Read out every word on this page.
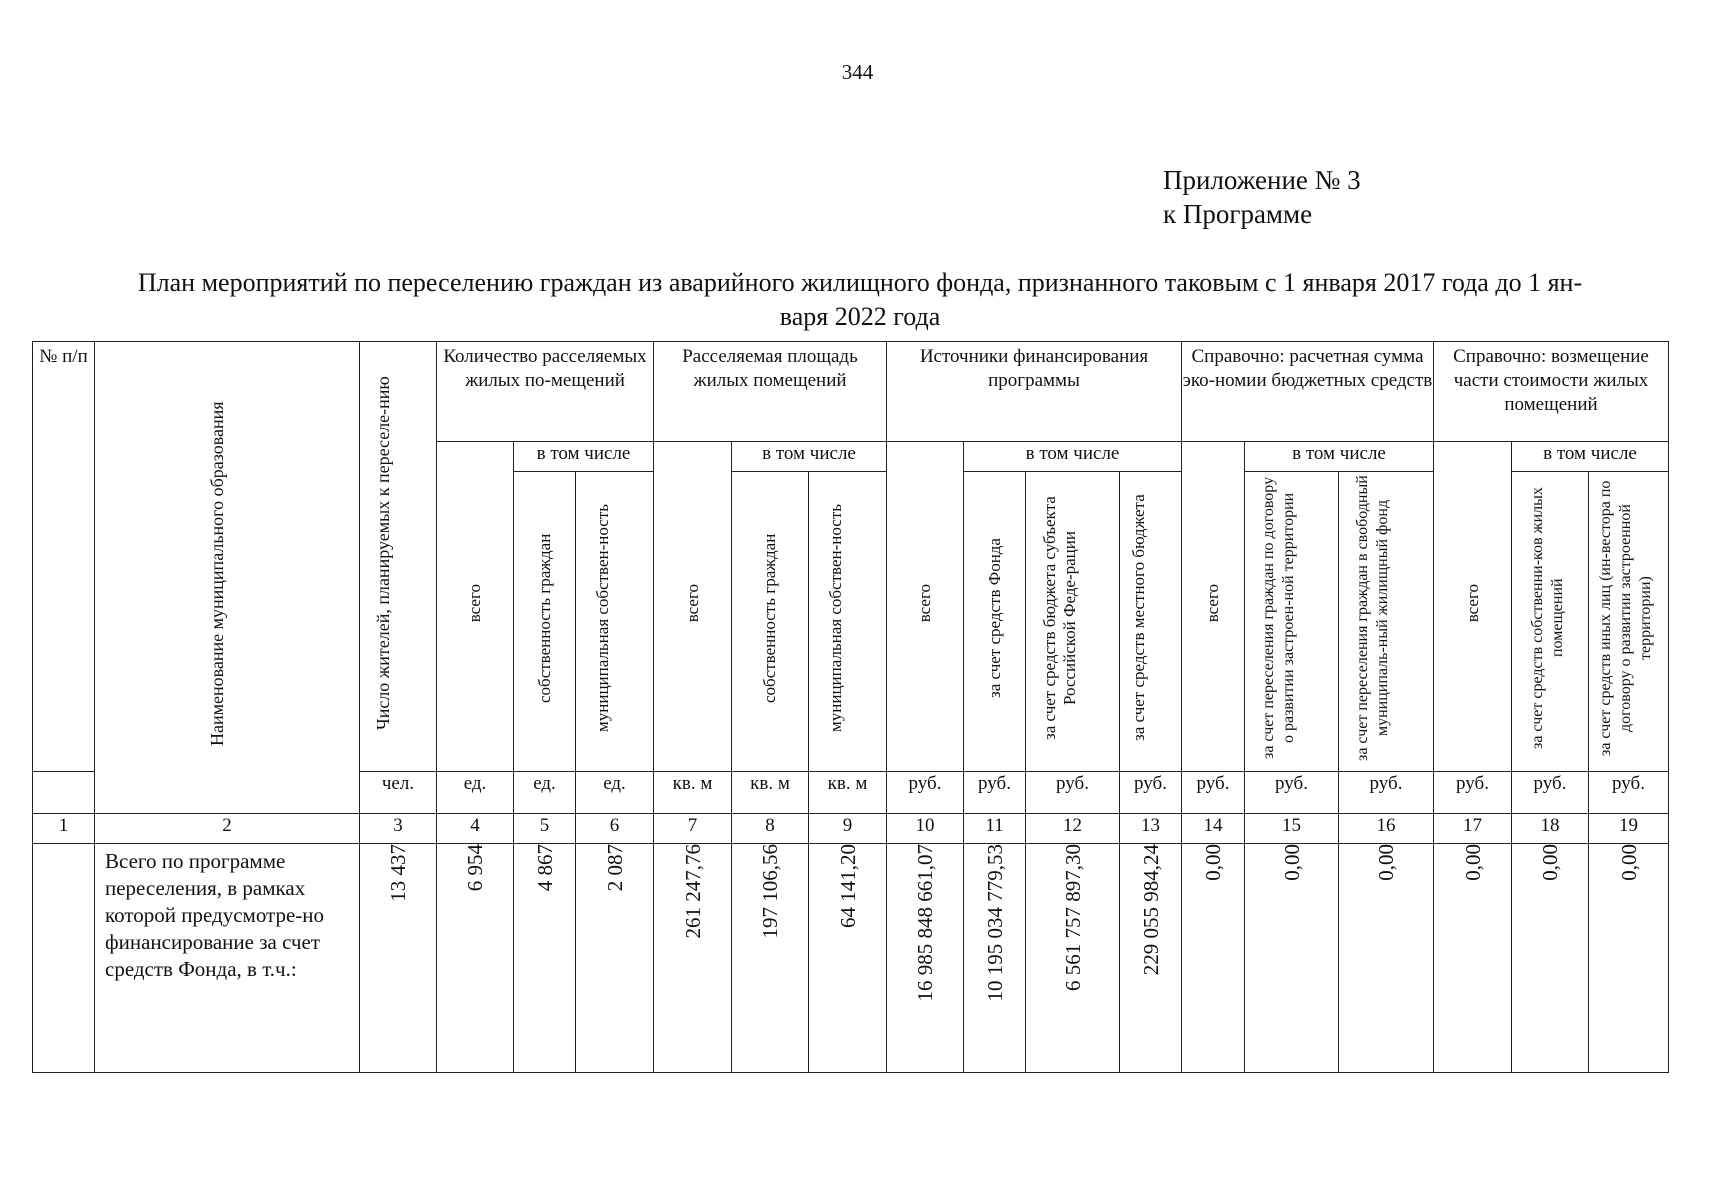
344
Приложение № 3
к Программе
План мероприятий по переселению граждан из аварийного жилищного фонда, признанного таковым с 1 января 2017 года до 1 ян-
варя 2022 года
№ п/п	Наименование муниципального образования	Число жителей, планируемых к переселе-нию	Количество расселяемых жилых по-мещений			Расселяемая площадь жилых помещений			Источники финансирования программы				Справочно: расчетная сумма эко-номии бюджетных средств			Справочно: возмещение части стоимости жилых помещений		
			всего	в том числе		всего	в том числе		всего	в том числе			всего	в том числе		всего	в том числе	
				собственность граждан	муниципальная собствен-ность		собственность граждан	муниципальная собствен-ность		за счет средств Фонда	за счет средств бюджета субъекта Российской Феде-рации	за счет средств местного бюджета		за счет переселения граждан по договору о развитии застроен-ной территории	за счет переселения граждан в свободный муниципаль-ный жилищный фонд		за счет средств собственни-ков жилых помещений	за счет средств иных лиц (ин-вестора по договору о развитии застроенной территории)
		чел.	ед.	ед.	ед.	кв. м	кв. м	кв. м	руб.	руб.	руб.	руб.	руб.	руб.	руб.	руб.	руб.	руб.
1	2	3	4	5	6	7	8	9	10	11	12	13	14	15	16	17	18	19
	Всего по программе переселения, в рамках которой предусмотре-но финансирование за счет средств Фонда, в т.ч.:	13 437	6 954	4 867	2 087	261 247,76	197 106,56	64 141,20	16 985 848 661,07	10 195 034 779,53	6 561 757 897,30	229 055 984,24	0,00	0,00	0,00	0,00	0,00	0,00
